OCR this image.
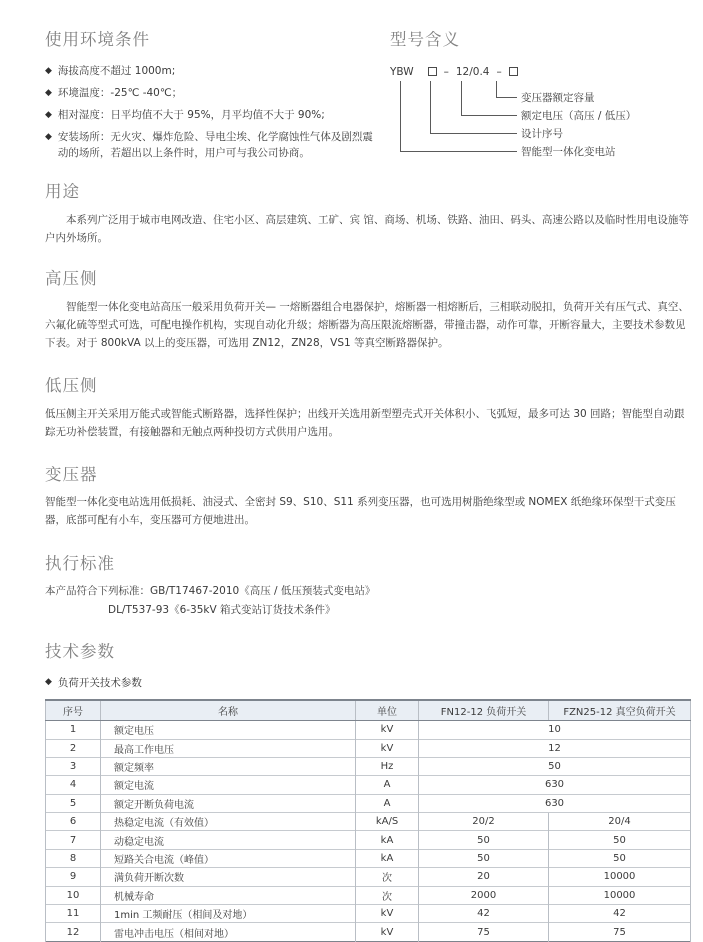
使用环境条件
◆ 海拔高度不超过 1000m;
◆ 环境温度：-25℃ -40℃；
◆ 相对湿度：日平均值不大于 95%，月平均值不大于 90%;
◆ 安装场所：无火灾、爆炸危险、导电尘埃、化学腐蚀性气体及剧烈震动的场所，若超出以上条件时，用户可与我公司协商。
型号含义
YBW	– 12/0.4 –
变压器额定容量
额定电压（高压 / 低压）
设计序号
智能型一体化变电站
用途

本系列广泛用于城市电网改造、住宅小区、高层建筑、工矿、宾 馆、商场、机场、铁路、油田、码头、高速公路以及临时性用电设施等户内外场所。

高压侧

智能型一体化变电站高压一般采用负荷开关— 一熔断器组合电器保护，熔断器一相熔断后，三相联动脱扣，负荷开关有压气式、真空、六氟化硫等型式可选，可配电操作机构，实现自动化升级；熔断器为高压限流熔断器，带撞击器，动作可靠，开断容量大，主要技术参数见下表。对于 800kVA 以上的变压器，可选用 ZN12，ZN28，VS1 等真空断路器保护。

低压侧

低压侧主开关采用万能式或智能式断路器，选择性保护；出线开关选用新型塑壳式开关体积小、飞弧短，最多可达 30 回路；智能型自动跟踪无功补偿装置，有接触器和无触点两种投切方式供用户选用。

变压器

智能型一体化变电站选用低损耗、油浸式、全密封 S9、S10、S11 系列变压器，也可选用树脂绝缘型或 NOMEX 纸绝缘环保型干式变压器，底部可配有小车，变压器可方便地进出。

执行标准

本产品符合下列标准：GB/T17467-2010《高压 / 低压预装式变电站》

DL/T537-93《6-35kV 箱式变站订货技术条件》

技术参数
◆ 负荷开关技术参数
序号	名称	单位	FN12-12 负荷开关	FZN25-12 真空负荷开关
1	额定电压	kV	10	
2	最高工作电压	kV	12	
3	额定频率	Hz	50	
4	额定电流	A	630	
5	额定开断负荷电流	A	630	
6	热稳定电流（有效值）	kA/S	20/2	20/4
7	动稳定电流	kA	50	50
8	短路关合电流（峰值）	kA	50	50
9	满负荷开断次数	次	20	10000
10	机械寿命	次	2000	10000
11	1min 工频耐压（相间及对地）	kV	42	42
12	雷电冲击电压（相间对地）	kV	75	75
